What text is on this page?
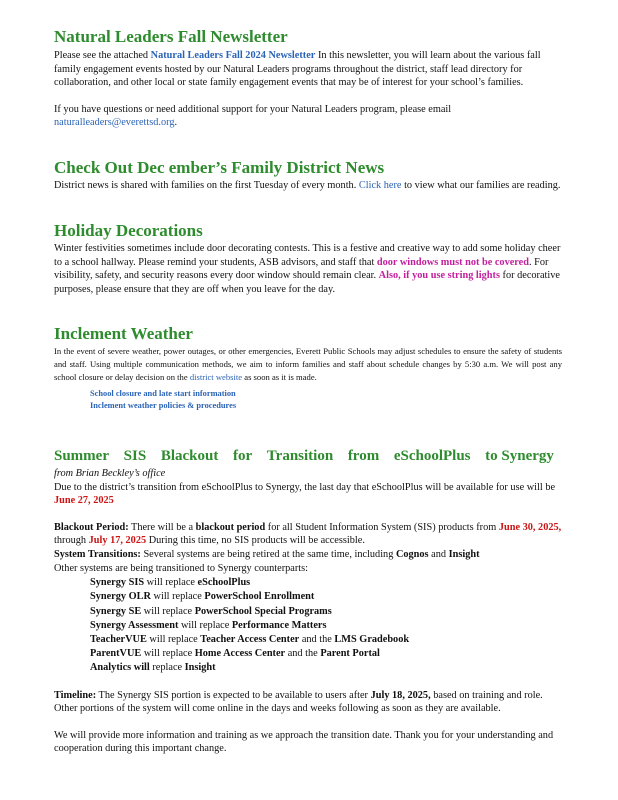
Natural Leaders Fall Newsletter

Please see the attached Natural Leaders Fall 2024 Newsletter In this newsletter, you will learn about the various fall family engagement events hosted by our Natural Leaders programs throughout the district, staff lead directory for collaboration, and other local or state family engagement events that may be of interest for your school’s families.

If you have questions or need additional support for your Natural Leaders program, please email naturalleaders@everettsd.org.

Check Out Dec ember’s Family District News

District news is shared with families on the first Tuesday of every month. Click here to view what our families are reading.

Holiday Decorations

Winter festivities sometimes include door decorating contests. This is a festive and creative way to add some holiday cheer to a school hallway. Please remind your students, ASB advisors, and staff that door windows must not be covered. For visibility, safety, and security reasons every door window should remain clear. Also, if you use string lights for decorative purposes, please ensure that they are off when you leave for the day.

Inclement Weather

In the event of severe weather, power outages, or other emergencies, Everett Public Schools may adjust schedules to ensure the safety of students and staff. Using multiple communication methods, we aim to inform families and staff about schedule changes by 5:30 a.m. We will post any school closure or delay decision on the district website as soon as it is made.

School closure and late start information
Inclement weather policies & procedures
Summer SIS Blackout for Transition from eSchoolPlus to Synergy

from Brian Beckley’s office

Due to the district’s transition from eSchoolPlus to Synergy, the last day that eSchoolPlus will be available for use will be June 27, 2025

Blackout Period: There will be a blackout period for all Student Information System (SIS) products from June 30, 2025, through July 17, 2025 During this time, no SIS products will be accessible.

System Transitions: Several systems are being retired at the same time, including Cognos and Insight
Other systems are being transitioned to Synergy counterparts:

Synergy SIS will replace eSchoolPlus
Synergy OLR will replace PowerSchool Enrollment
Synergy SE will replace PowerSchool Special Programs
Synergy Assessment will replace Performance Matters
TeacherVUE will replace Teacher Access Center and the LMS Gradebook
ParentVUE will replace Home Access Center and the Parent Portal
Analytics will replace Insight

Timeline: The Synergy SIS portion is expected to be available to users after July 18, 2025, based on training and role. Other portions of the system will come online in the days and weeks following as soon as they are available.

We will provide more information and training as we approach the transition date. Thank you for your understanding and cooperation during this important change.
